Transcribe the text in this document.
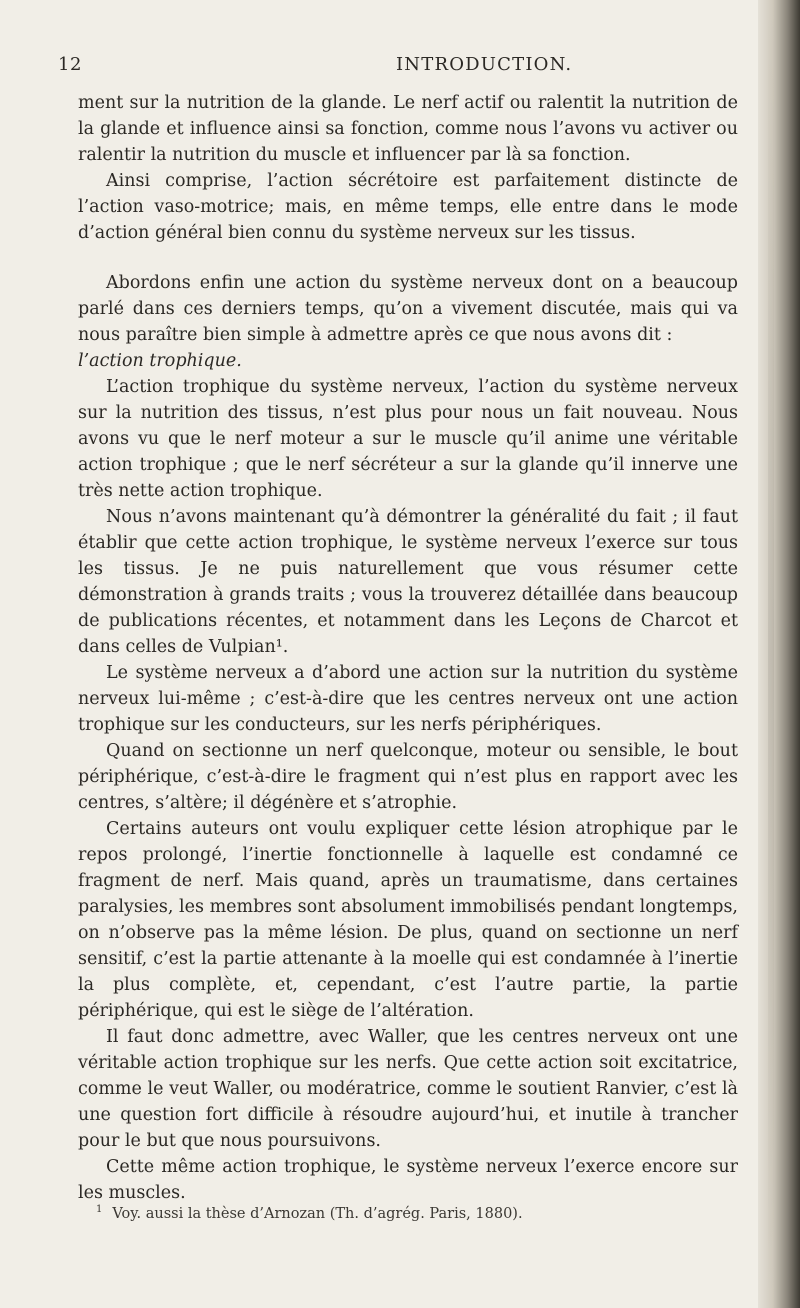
12	INTRODUCTION.

ment sur la nutrition de la glande. Le nerf actif ou ralentit la nutrition de la glande et influence ainsi sa fonction, comme nous l’avons vu activer ou ralentir la nutrition du muscle et influencer par là sa fonction.

Ainsi comprise, l’action sécrétoire est parfaitement distincte de l’action vaso-motrice; mais, en même temps, elle entre dans le mode d’action général bien connu du système nerveux sur les tissus.

Abordons enfin une action du système nerveux dont on a beaucoup parlé dans ces derniers temps, qu’on a vivement discutée, mais qui va nous paraître bien simple à admettre après ce que nous avons dit :

l’action trophique.

L’action trophique du système nerveux, l’action du système nerveux sur la nutrition des tissus, n’est plus pour nous un fait nouveau. Nous avons vu que le nerf moteur a sur le muscle qu’il anime une véritable action trophique ; que le nerf sécréteur a sur la glande qu’il innerve une très nette action trophique.

Nous n’avons maintenant qu’à démontrer la généralité du fait ; il faut établir que cette action trophique, le système nerveux l’exerce sur tous les tissus. Je ne puis naturellement que vous résumer cette démonstration à grands traits ; vous la trouverez détaillée dans beaucoup de publications récentes, et notamment dans les Leçons de Charcot et dans celles de Vulpian¹.

Le système nerveux a d’abord une action sur la nutrition du système nerveux lui-même ; c’est-à-dire que les centres nerveux ont une action trophique sur les conducteurs, sur les nerfs périphériques.

Quand on sectionne un nerf quelconque, moteur ou sensible, le bout périphérique, c’est-à-dire le fragment qui n’est plus en rapport avec les centres, s’altère; il dégénère et s’atrophie.

Certains auteurs ont voulu expliquer cette lésion atrophique par le repos prolongé, l’inertie fonctionnelle à laquelle est condamné ce fragment de nerf. Mais quand, après un traumatisme, dans certaines paralysies, les membres sont absolument immobilisés pendant longtemps, on n’observe pas la même lésion. De plus, quand on sectionne un nerf sensitif, c’est la partie attenante à la moelle qui est condamnée à l’inertie la plus complète, et, cependant, c’est l’autre partie, la partie périphérique, qui est le siège de l’altération.

Il faut donc admettre, avec Waller, que les centres nerveux ont une véritable action trophique sur les nerfs. Que cette action soit excitatrice, comme le veut Waller, ou modératrice, comme le soutient Ranvier, c’est là une question fort difficile à résoudre aujourd’hui, et inutile à trancher pour le but que nous poursuivons.

Cette même action trophique, le système nerveux l’exerce encore sur les muscles.

$^1$ Voy. aussi la thèse d’Arnozan (Th. d’agrég. Paris, 1880).
